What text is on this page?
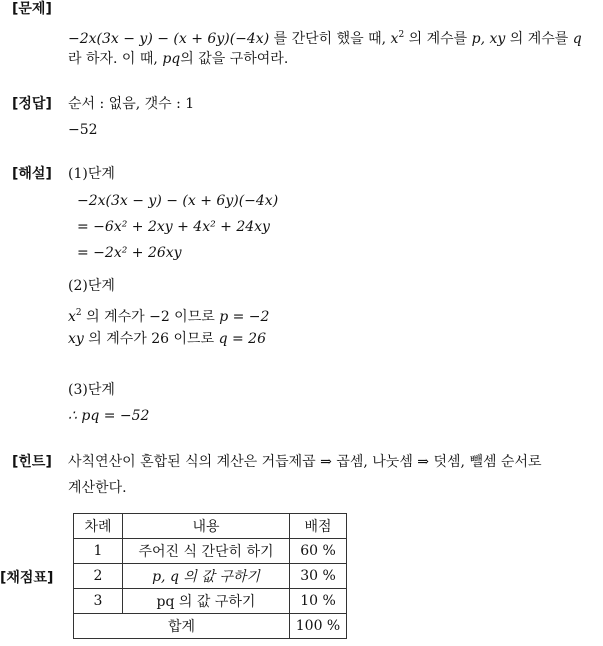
[문제]
[정답]
[해설]
[힌트]
[채점표]
−2x(3x − y) − (x + 6y)(−4x) 를 간단히 했을 때, $x^2$ 의 계수를 p, xy 의 계수를 q
라 하자. 이 때, pq의 값을 구하여라.
순서 : 없음, 갯수 : 1
−52
(1)단계
−2x(3x − y) − (x + 6y)(−4x)
= −6x² + 2xy + 4x² + 24xy
= −2x² + 26xy
(2)단계
$x^2$ 의 계수가 −2 이므로 p = −2
xy 의 계수가 26 이므로 q = 26
(3)단계
∴ pq = −52
사칙연산이 혼합된 식의 계산은 거듭제곱 ⇒ 곱셈, 나눗셈 ⇒ 덧셈, 뺄셈 순서로
계산한다.
차례	내용	배점
1	주어진 식 간단히 하기	60 %
2	p, q 의 값 구하기	30 %
3	pq 의 값 구하기	10 %
합계		100 %
